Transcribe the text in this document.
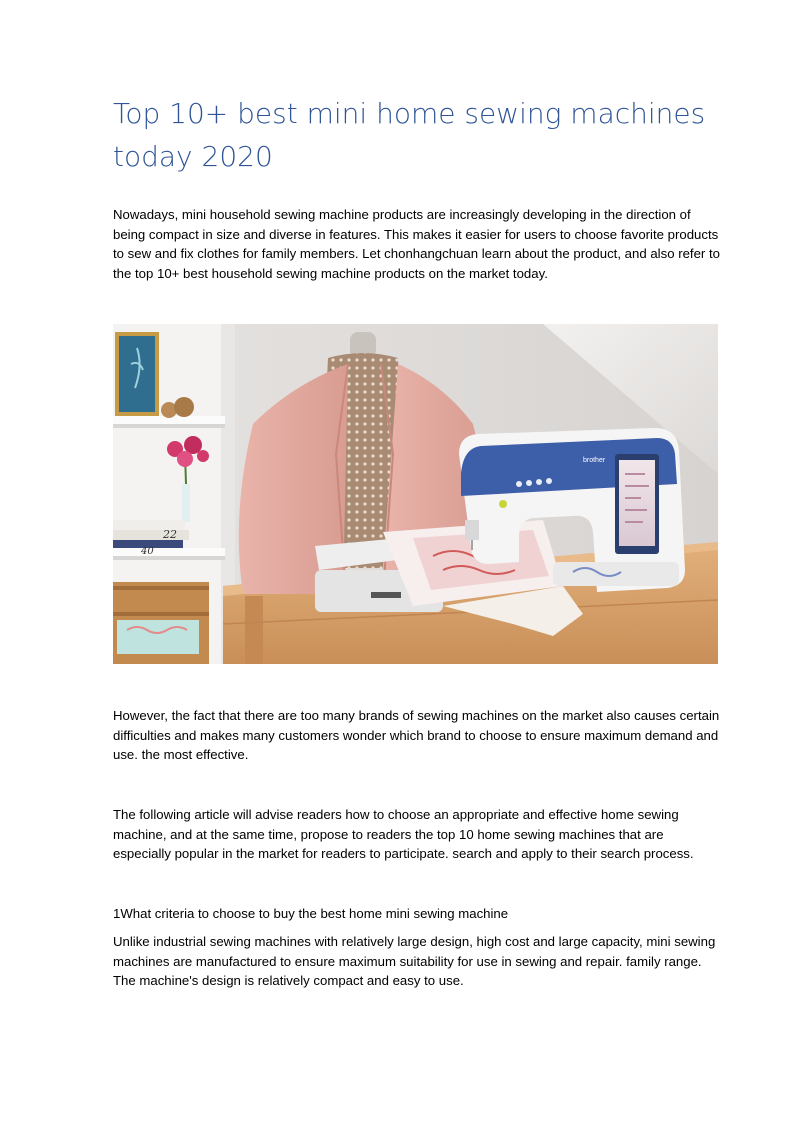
Top 10+ best mini home sewing machines today 2020

Nowadays, mini household sewing machine products are increasingly developing in the direction of being compact in size and diverse in features. This makes it easier for users to choose favorite products to sew and fix clothes for family members. Let chonhangchuan learn about the product, and also refer to the top 10+ best household sewing machine products on the market today.

22
40
brother

However, the fact that there are too many brands of sewing machines on the market also causes certain difficulties and makes many customers wonder which brand to choose to ensure maximum demand and use. the most effective.

The following article will advise readers how to choose an appropriate and effective home sewing machine, and at the same time, propose to readers the top 10 home sewing machines that are especially popular in the market for readers to participate. search and apply to their search process.

1What criteria to choose to buy the best home mini sewing machine

Unlike industrial sewing machines with relatively large design, high cost and large capacity, mini sewing machines are manufactured to ensure maximum suitability for use in sewing and repair. family range. The machine's design is relatively compact and easy to use.
